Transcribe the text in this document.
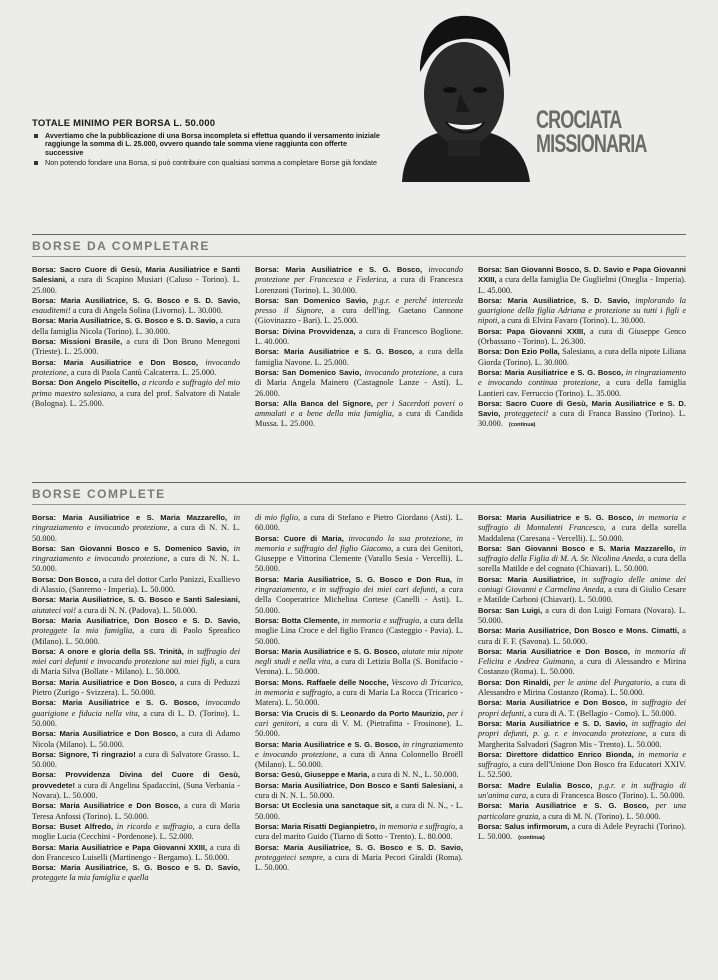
TOTALE MINIMO PER BORSA L. 50.000
Avvertiamo che la pubblicazione di una Borsa incompleta si effettua quando il versamento iniziale raggiunge la somma di L. 25.000, ovvero quando tale somma viene raggiunta con offerte successive
Non potendo fondare una Borsa, si può contribuire con qualsiasi somma a completare Borse già fondate
CROCIATA
MISSIONARIA
BORSE DA COMPLETARE

Borsa: Sacro Cuore di Gesù, Maria Ausiliatrice e Santi Salesiani, a cura di Scapino Musiari (Caluso - Torino). L. 25.000.

Borsa: Maria Ausiliatrice, S. G. Bosco e S. D. Savio, esauditemi! a cura di Angela Solina (Livorno). L. 30.000.

Borsa: Maria Ausiliatrice, S. G. Bosco e S. D. Savio, a cura della famiglia Nicola (Torino). L. 30.000.

Borsa: Missioni Brasile, a cura di Don Bruno Menegoni (Trieste). L. 25.000.

Borsa: Maria Ausiliatrice e Don Bosco, invocando protezione, a cura di Paola Cantù Calcaterra. L. 25.000.

Borsa: Don Angelo Piscitello, a ricordo e suffragio del mio primo maestro salesiano, a cura del prof. Salvatore di Natale (Bologna). L. 25.000.

Borsa: Maria Ausiliatrice e S. G. Bosco, invocando protezione per Francesca e Federica, a cura di Francesca Lorenzoni (Torino). L. 30.000.

Borsa: San Domenico Savio, p.g.r. e perché interceda presso il Signore, a cura dell'ing. Gaetano Cannone (Giovinazzo - Bari). L. 25.000.

Borsa: Divina Provvidenza, a cura di Francesco Boglione. L. 40.000.

Borsa: Maria Ausiliatrice e S. G. Bosco, a cura della famiglia Navone. L. 25.000.

Borsa: San Domenico Savio, invocando protezione, a cura di Maria Angela Mainero (Castagnole Lanze - Asti). L. 26.000.

Borsa: Alla Banca del Signore, per i Sacerdoti poveri o ammalati e a bene della mia famiglia, a cura di Candida Mussa. L. 25.000.

Borsa: San Giovanni Bosco, S. D. Savio e Papa Giovanni XXIII, a cura della famiglia De Guglielmi (Oneglia - Imperia). L. 45.000.

Borsa: Maria Ausiliatrice, S. D. Savio, implorando la guarigione della figlia Adriana e protezione su tutti i figli e nipoti, a cura di Elvira Favaro (Torino). L. 30.000.

Borsa: Papa Giovanni XXIII, a cura di Giuseppe Genco (Orbassano - Torino). L. 26.300.

Borsa: Don Ezio Polla, Salesiano, a cura della nipote Liliana Giorda (Torino). L. 30.000.

Borsa: Maria Ausiliatrice e S. G. Bosco, in ringraziamento e invocando continua protezione, a cura della famiglia Lantieri cav. Ferruccio (Torino). L. 35.000.

Borsa: Sacro Cuore di Gesù, Maria Ausiliatrice e S. D. Savio, proteggeteci! a cura di Franca Bassino (Torino). L. 30.000. (continua)

BORSE COMPLETE

Borsa: Maria Ausiliatrice e S. Maria Mazzarello, in ringraziamento e invocando protezione, a cura di N. N. L. 50.000.

Borsa: San Giovanni Bosco e S. Domenico Savio, in ringraziamento e invocando protezione, a cura di N. N. L. 50.000.

Borsa: Don Bosco, a cura del dottor Carlo Panizzi, Exallievo di Alassio, (Sanremo - Imperia). L. 50.000.

Borsa: Maria Ausiliatrice, S. G. Bosco e Santi Salesiani, aiutateci voi! a cura di N. N. (Padova). L. 50.000.

Borsa: Maria Ausiliatrice, Don Bosco e S. D. Savio, proteggete la mia famiglia, a cura di Paolo Spreafico (Milano). L. 50.000.

Borsa: A onore e gloria della SS. Trinità, in suffragio dei miei cari defunti e invocando protezione sui miei figli, a cura di Maria Silva (Bollate - Milano). L. 50.000.

Borsa: Maria Ausiliatrice e Don Bosco, a cura di Peduzzi Pietro (Zurigo - Svizzera). L. 50.000.

Borsa: Maria Ausiliatrice e S. G. Bosco, invocando guarigione e fiducia nella vita, a cura di L. D. (Torino). L. 50.000.

Borsa: Maria Ausiliatrice e Don Bosco, a cura di Adamo Nicola (Milano). L. 50.000.

Borsa: Signore, Ti ringrazio! a cura di Salvatore Grasso. L. 50.000.

Borsa: Provvidenza Divina del Cuore di Gesù, provvedete! a cura di Angelina Spadaccini, (Suna Verbania - Novara). L. 50.000.

Borsa: Maria Ausiliatrice e Don Bosco, a cura di Maria Teresa Anfossi (Torino). L. 50.000.

Borsa: Buset Alfredo, in ricordo e suffragio, a cura della moglie Lucia (Cecchini - Pordenone). L. 52.000.

Borsa: Maria Ausiliatrice e Papa Giovanni XXIII, a cura di don Francesco Luiselli (Martinengo - Bergamo). L. 50.000.

Borsa: Maria Ausiliatrice, S. G. Bosco e S. D. Savio, proteggete la mia famiglia e quella

di mio figlio, a cura di Stefano e Pietro Giordano (Asti). L. 60.000.

Borsa: Cuore di Maria, invocando la sua protezione, in memoria e suffragio del figlio Giacomo, a cura dei Genitori, Giuseppe e Vittorina Clemente (Varallo Sesia - Vercelli). L. 50.000.

Borsa: Maria Ausiliatrice, S. G. Bosco e Don Rua, in ringraziamento, e in suffragio dei miei cari defunti, a cura della Cooperatrice Michelina Cortese (Canelli - Asti). L. 50.000.

Borsa: Botta Clemente, in memoria e suffragio, a cura della moglie Lina Croce e del figlio Franco (Casteggio - Pavia). L. 50.000.

Borsa: Maria Ausiliatrice e S. G. Bosco, aiutate mia nipote negli studi e nella vita, a cura di Letizia Bolla (S. Bonifacio - Verona). L. 50.000.

Borsa: Mons. Raffaele delle Nocche, Vescovo di Tricarico, in memoria e suffragio, a cura di Maria La Rocca (Tricarico - Matera). L. 50.000.

Borsa: Via Crucis di S. Leonardo da Porto Maurizio, per i cari genitori, a cura di V. M. (Pietrafitta - Frosinone). L. 50.000.

Borsa: Maria Ausiliatrice e S. G. Bosco, in ringraziamento e invocando protezione, a cura di Anna Colonnello Broëll (Milano). L. 50.000.

Borsa: Gesù, Giuseppe e Maria, a cura di N. N., L. 50.000.

Borsa: Maria Ausiliatrice, Don Bosco e Santi Salesiani, a cura di N. N. L. 50.000.

Borsa: Ut Ecclesia una sanctaque sit, a cura di N. N., - L. 50.000.

Borsa: Maria Risatti Degianpietro, in memoria e suffragio, a cura del marito Guido (Tiarno di Sotto - Trento). L. 80.000.

Borsa: Maria Ausiliatrice, S. G. Bosco e S. D. Savio, proteggeteci sempre, a cura di Maria Pecori Giraldi (Roma). L. 50.000.

Borsa: Maria Ausiliatrice e S. G. Bosco, in memoria e suffragio di Montalenti Francesco, a cura della sorella Maddalena (Caresana - Vercelli). L. 50.000.

Borsa: San Giovanni Bosco e S. Maria Mazzarello, in suffragio della Figlia di M. A. Sr. Nicolina Aneda, a cura della sorella Matilde e del cognato (Chiavari). L. 50.000.

Borsa: Maria Ausiliatrice, in suffragio delle anime dei coniugi Giovanni e Carmelina Aneda, a cura di Giulio Cesare e Matilde Carboni (Chiavari). L. 50.000.

Borsa: San Luigi, a cura di don Luigi Fornara (Novara). L. 50.000.

Borsa: Maria Ausiliatrice, Don Bosco e Mons. Cimatti, a cura di F. F. (Savona). L. 50.000.

Borsa: Maria Ausiliatrice e Don Bosco, in memoria di Felicita e Andrea Guimano, a cura di Alessandro e Mirina Costanzo (Roma). L. 50.000.

Borsa: Don Rinaldi, per le anime del Purgatorio, a cura di Alessandro e Mirina Costanzo (Roma). L. 50.000.

Borsa: Maria Ausiliatrice e Don Bosco, in suffragio dei propri defunti, a cura di A. T. (Bellagio - Como). L. 50.000.

Borsa: Maria Ausiliatrice e S. D. Savio, in suffragio dei propri defunti, p. g. r. e invocando protezione, a cura di Margherita Salvadori (Sagron Mis - Trento). L. 50.000.

Borsa: Direttore didattico Enrico Bionda, in memoria e suffragio, a cura dell'Unione Don Bosco fra Educatori XXIV. L. 52.500.

Borsa: Madre Eulalia Bosco, p.g.r. e in suffragio di un'anima cara, a cura di Francesca Bosco (Torino). L. 50.000.

Borsa: Maria Ausiliatrice e S. G. Bosco, per una particolare grazia, a cura di M. N. (Torino). L. 50.000.

Borsa: Salus infirmorum, a cura di Adele Peyrachi (Torino). L. 50.000. (continua)
